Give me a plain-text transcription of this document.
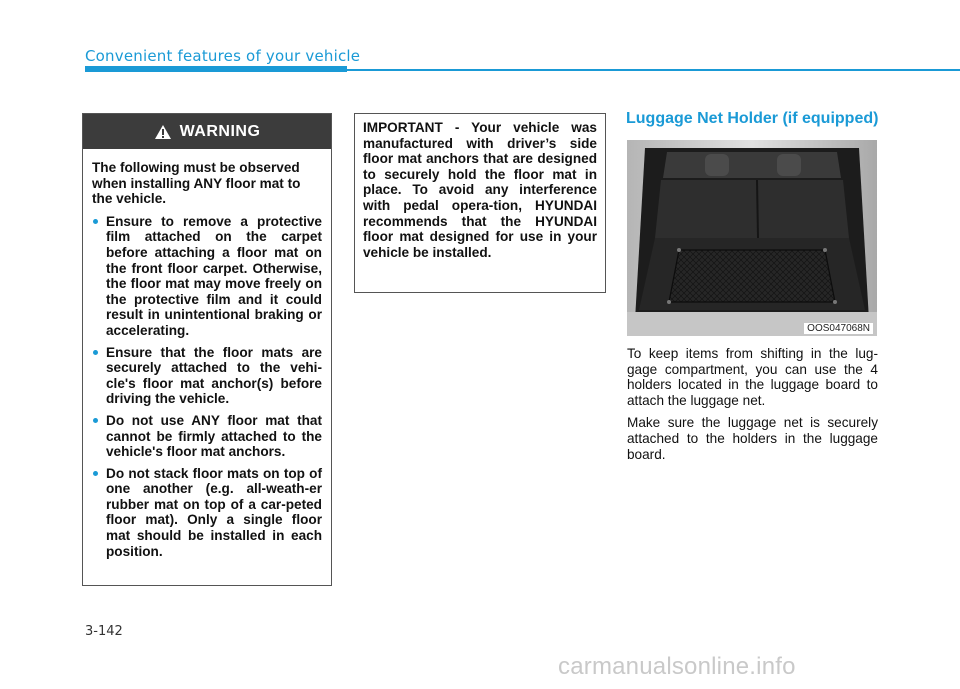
Convenient features of your vehicle
WARNING

The following must be observed when installing ANY floor mat to the vehicle.

Ensure to remove a protective film attached on the carpet before attaching a floor mat on the front floor carpet. Otherwise, the floor mat may move freely on the protective film and it could result in unintentional braking or accelerating.
Ensure that the floor mats are securely attached to the vehi-cle's floor mat anchor(s) before driving the vehicle.
Do not use ANY floor mat that cannot be firmly attached to the vehicle's floor mat anchors.
Do not stack floor mats on top of one another (e.g. all-weath-er rubber mat on top of a car-peted floor mat). Only a single floor mat should be installed in each position.
IMPORTANT - Your vehicle was manufactured with driver’s side floor mat anchors that are designed to securely hold the floor mat in place. To avoid any interference with pedal opera-tion, HYUNDAI recommends that the HYUNDAI floor mat designed for use in your vehicle be installed.
Luggage Net Holder (if equipped)
OOS047068N

To keep items from shifting in the lug-gage compartment, you can use the 4 holders located in the luggage board to attach the luggage net.

Make sure the luggage net is securely attached to the holders in the luggage board.

3-142
carmanualsonline.info
